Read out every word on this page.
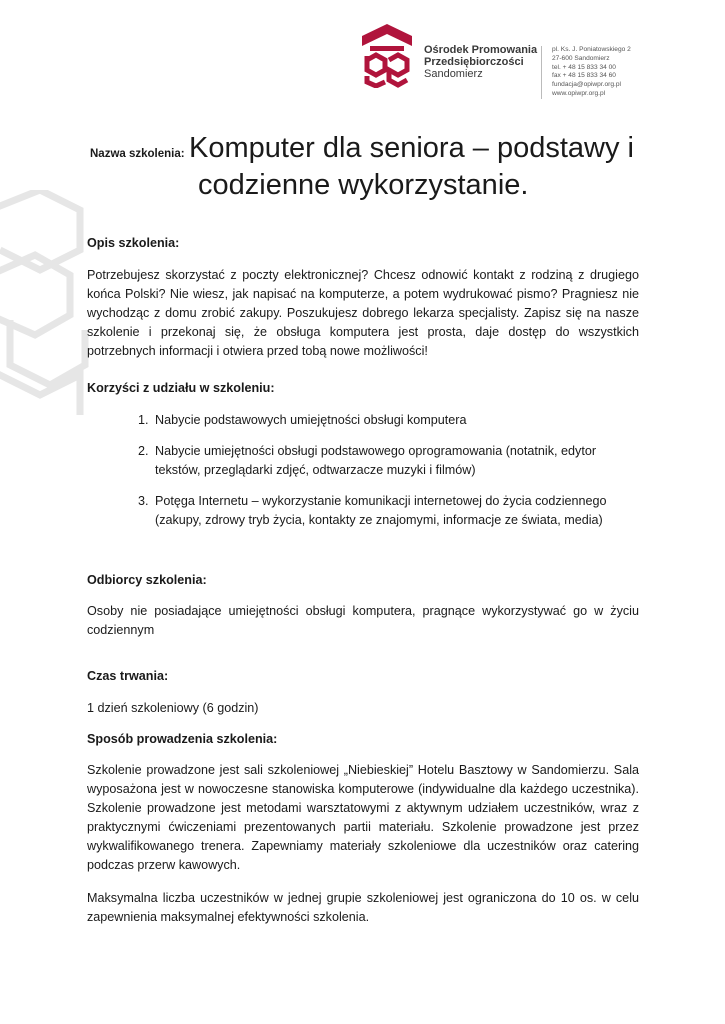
Ośrodek Promowania
Przedsiębiorczości
Sandomierz
pl. Ks. J. Poniatowskiego 2
27-600 Sandomierz
tel. + 48 15 833 34 00
fax + 48 15 833 34 60
fundacja@opiwpr.org.pl
www.opiwpr.org.pl
Nazwa szkolenia: Komputer dla seniora – podstawy i
codzienne wykorzystanie.

Opis szkolenia:

Potrzebujesz skorzystać z poczty elektronicznej? Chcesz odnowić kontakt z rodziną z drugiego końca Polski? Nie wiesz, jak napisać na komputerze, a potem wydrukować pismo? Pragniesz nie wychodząc z domu zrobić zakupy. Poszukujesz dobrego lekarza specjalisty. Zapisz się na nasze szkolenie i przekonaj się, że obsługa komputera jest prosta, daje dostęp do wszystkich potrzebnych informacji i otwiera przed tobą nowe możliwości!

Korzyści z udziału w szkoleniu:

1. Nabycie podstawowych umiejętności obsługi komputera
2. Nabycie umiejętności obsługi podstawowego oprogramowania (notatnik, edytor tekstów, przeglądarki zdjęć, odtwarzacze muzyki i filmów)
3. Potęga Internetu – wykorzystanie komunikacji internetowej do życia codziennego (zakupy, zdrowy tryb życia, kontakty ze znajomymi, informacje ze świata, media)

Odbiorcy szkolenia:

Osoby nie posiadające umiejętności obsługi komputera, pragnące wykorzystywać go w życiu codziennym

Czas trwania:

1 dzień szkoleniowy (6 godzin)

Sposób prowadzenia szkolenia:

Szkolenie prowadzone jest sali szkoleniowej „Niebieskiej” Hotelu Basztowy w Sandomierzu. Sala wyposażona jest w nowoczesne stanowiska komputerowe (indywidualne dla każdego uczestnika). Szkolenie prowadzone jest metodami warsztatowymi z aktywnym udziałem uczestników, wraz z praktycznymi ćwiczeniami prezentowanych partii materiału. Szkolenie prowadzone jest przez wykwalifikowanego trenera. Zapewniamy materiały szkoleniowe dla uczestników oraz catering podczas przerw kawowych.

Maksymalna liczba uczestników w jednej grupie szkoleniowej jest ograniczona do 10 os. w celu zapewnienia maksymalnej efektywności szkolenia.
